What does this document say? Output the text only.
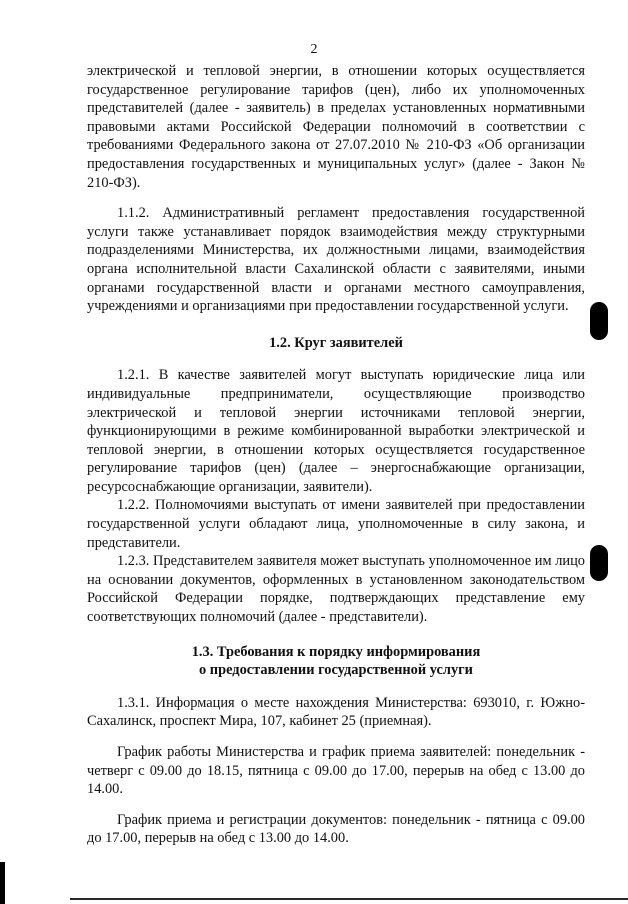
2

электрической и тепловой энергии, в отношении которых осуществляется государственное регулирование тарифов (цен), либо их уполномоченных представителей (далее - заявитель) в пределах установленных нормативными правовыми актами Российской Федерации полномочий в соответствии с требованиями Федерального закона от 27.07.2010 № 210-ФЗ «Об организации предоставления государственных и муниципальных услуг» (далее - Закон № 210-ФЗ).

1.1.2. Административный регламент предоставления государственной услуги также устанавливает порядок взаимодействия между структурными подразделениями Министерства, их должностными лицами, взаимодействия органа исполнительной власти Сахалинской области с заявителями, иными органами государственной власти и органами местного самоуправления, учреждениями и организациями при предоставлении государственной услуги.

1.2. Круг заявителей

1.2.1. В качестве заявителей могут выступать юридические лица или индивидуальные предприниматели, осуществляющие производство электрической и тепловой энергии источниками тепловой энергии, функционирующими в режиме комбинированной выработки электрической и тепловой энергии, в отношении которых осуществляется государственное регулирование тарифов (цен) (далее – энергоснабжающие организации, ресурсоснабжающие организации, заявители).

1.2.2. Полномочиями выступать от имени заявителей при предоставлении государственной услуги обладают лица, уполномоченные в силу закона, и представители.

1.2.3. Представителем заявителя может выступать уполномоченное им лицо на основании документов, оформленных в установленном законодательством Российской Федерации порядке, подтверждающих представление ему соответствующих полномочий (далее - представители).

1.3. Требования к порядку информирования

о предоставлении государственной услуги

1.3.1. Информация о месте нахождения Министерства: 693010, г. Южно-Сахалинск, проспект Мира, 107, кабинет 25 (приемная).

График работы Министерства и график приема заявителей: понедельник - четверг с 09.00 до 18.15, пятница с 09.00 до 17.00, перерыв на обед с 13.00 до 14.00.

График приема и регистрации документов: понедельник - пятница с 09.00 до 17.00, перерыв на обед с 13.00 до 14.00.
